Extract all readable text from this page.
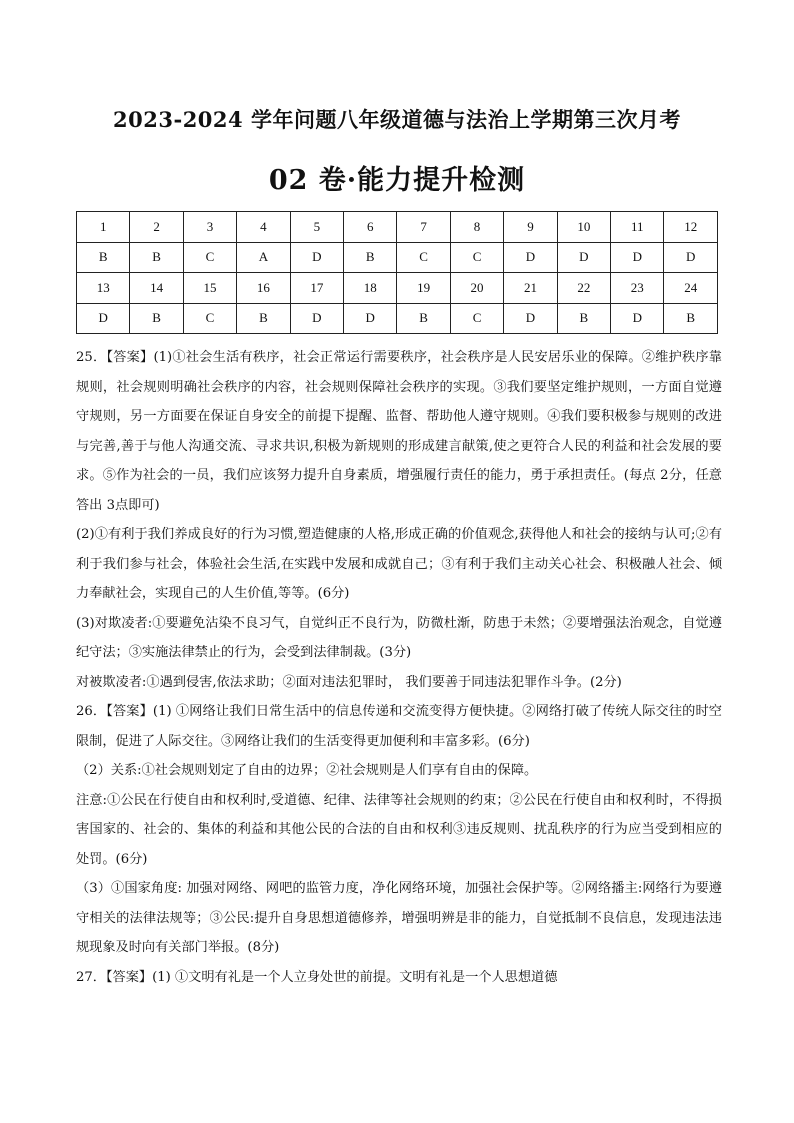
2023-2024 学年问题八年级道德与法治上学期第三次月考
02 卷·能力提升检测
1	2	3	4	5	6	7	8	9	10	11	12
B	B	C	A	D	B	C	C	D	D	D	D
13	14	15	16	17	18	19	20	21	22	23	24
D	B	C	B	D	D	B	C	D	B	D	B

25．【答案】(1)①社会生活有秩序，社会正常运行需要秩序，社会秩序是人民安居乐业的保障。②维护秩序靠规则，社会规则明确社会秩序的内容，社会规则保障社会秩序的实现。③我们要坚定维护规则，一方面自觉遵守规则，另一方面要在保证自身安全的前提下提醒、监督、帮助他人遵守规则。④我们要积极参与规则的改进与完善,善于与他人沟通交流、寻求共识,积极为新规则的形成建言献策,使之更符合人民的利益和社会发展的要求。⑤作为社会的一员，我们应该努力提升自身素质，增强履行责任的能力，勇于承担责任。(每点 2分，任意答出 3点即可)

(2)①有利于我们养成良好的行为习惯,塑造健康的人格,形成正确的价值观念,获得他人和社会的接纳与认可;②有利于我们参与社会，体验社会生活,在实践中发展和成就自己；③有利于我们主动关心社会、积极融人社会、倾力奉献社会，实现自己的人生价值,等等。(6分)

(3)对欺凌者:①要避免沾染不良习气，自觉纠正不良行为，防微杜渐，防患于未然；②要增强法治观念，自觉遵纪守法；③实施法律禁止的行为，会受到法律制裁。(3分)

对被欺凌者:①遇到侵害,依法求助；②面对违法犯罪时， 我们要善于同违法犯罪作斗争。(2分)

26．【答案】(1) ①网络让我们日常生活中的信息传递和交流变得方便快捷。②网络打破了传统人际交往的时空限制，促进了人际交往。③网络让我们的生活变得更加便利和丰富多彩。(6分)

（2）关系:①社会规则划定了自由的边界；②社会规则是人们享有自由的保障。

注意:①公民在行使自由和权利时,受道德、纪律、法律等社会规则的约束；②公民在行使自由和权利时，不得损害国家的、社会的、集体的利益和其他公民的合法的自由和权利③违反规则、扰乱秩序的行为应当受到相应的处罚。(6分)

（3）①国家角度: 加强对网络、网吧的监管力度，净化网络环境，加强社会保护等。②网络播主:网络行为要遵守相关的法律法规等；③公民:提升自身思想道德修养，增强明辨是非的能力，自觉抵制不良信息，发现违法违规现象及时向有关部门举报。(8分)

27．【答案】(1) ①文明有礼是一个人立身处世的前提。文明有礼是一个人思想道德
